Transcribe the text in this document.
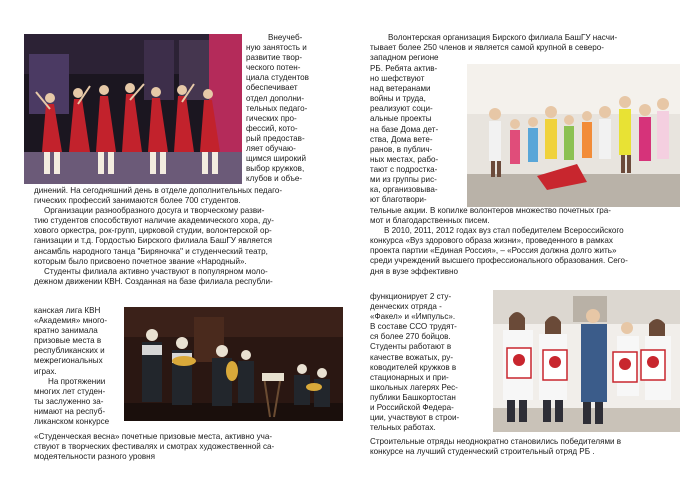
Внеучеб-
ную занятость и
развитие твор-
ческого потен-
циала студентов
обеспечивает
отдел дополни-
тельных педаго-
гических про-
фессий, кото-
рый предостав-
ляет обучаю-
щимся широкий
выбор кружков,
клубов и объе-
динений. На сегодняшний день в отделе дополнительных педаго-
гических профессий занимаются более 700 студентов.
Организации разнообразного досуга и творческому разви-
тию студентов способствуют наличие академического хора, ду-
хового оркестра, рок-групп, цирковой студии, волонтерской ор-
ганизации и т.д. Гордостью Бирского филиала БашГУ является
ансамбль народного танца "Биряночка" и студенческий театр,
которым было присвоено почетное звание «Народный».
Студенты филиала активно участвуют в популярном моло-
дежном движении КВН. Созданная на базе филиала республи-
канская лига КВН
«Академия» много-
кратно занимала
призовые места в
республиканских и
межрегиональных
играх.
На протяжении
многих лет студен-
ты заслуженно за-
нимают на респуб-
ликанском конкурсе
«Студенческая весна» почетные призовые места, активно уча-
ствуют в творческих фестивалях и смотрах художественной са-
модеятельности разного уровня
Волонтерская организация Бирского филиала БашГУ насчи-
тывает более 250 членов и является самой крупной в северо-
западном регионе
РБ. Ребята актив-
но шефствуют
над ветеранами
войны и труда,
реализуют соци-
альные проекты
на базе Дома дет-
ства, Дома вете-
ранов, в публич-
ных местах, рабо-
тают с подростка-
ми из группы рис-
ка, организовыва-
ют благотвори-
тельные акции. В копилке волонтеров множество почетных гра-
мот и благодарственных писем.
В 2010, 2011, 2012 годах вуз стал победителем Всероссийского
конкурса «Вуз здорового образа жизни», проведенного в рамках
проекта партии «Единая Россия», – «Россия должна долго жить»
среди учреждений высшего профессионального образования. Сего-
дня в вузе эффективно
функционирует 2 сту-
денческих отряда -
«Факел» и «Импульс».
В составе ССО трудят-
ся более 270 бойцов.
Студенты работают в
качестве вожатых, ру-
ководителей кружков в
стационарных и при-
школьных лагерях Рес-
публики Башкортостан
и Российской Федера-
ции, участвуют в строи-
тельных работах.
Строительные отряды неоднократно становились победителями в
конкурсе на лучший студенческий строительный отряд РБ .
